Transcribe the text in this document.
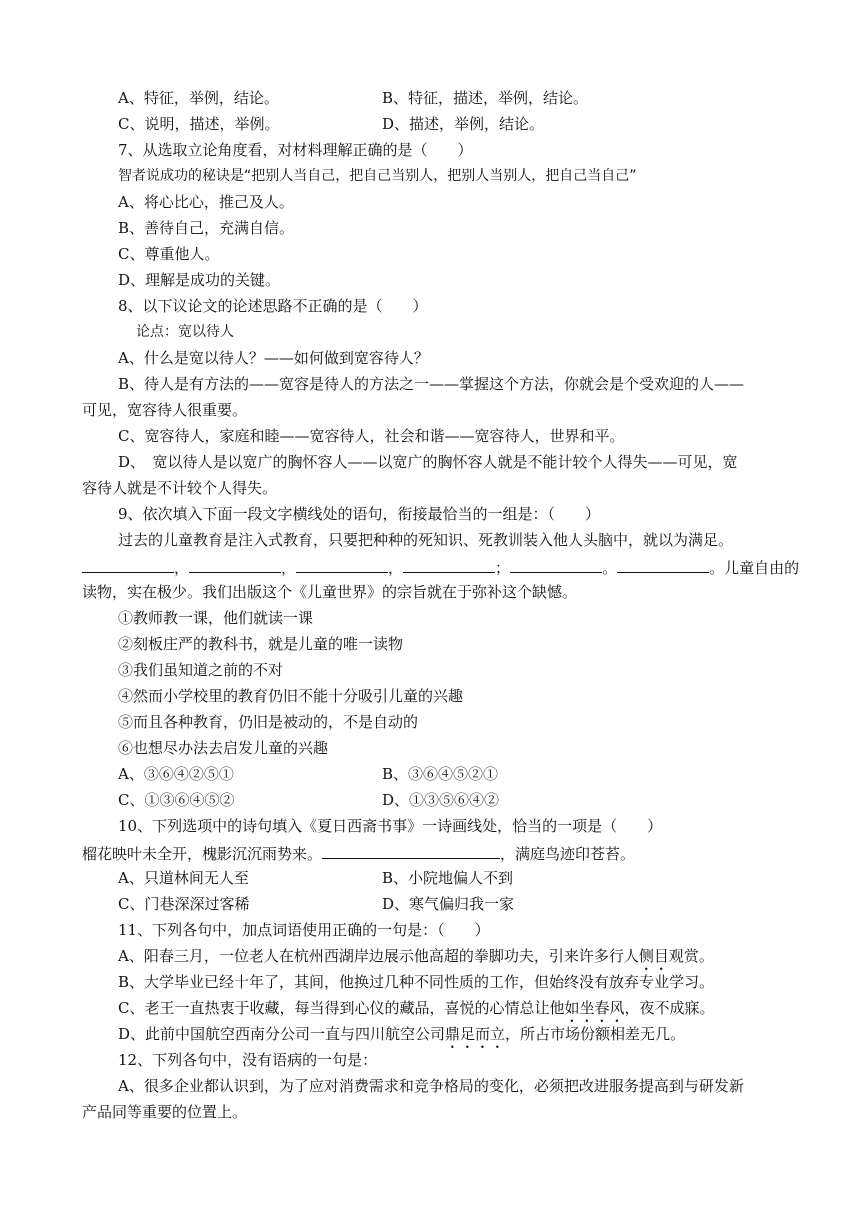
A、特征，举例，结论。	B、特征，描述，举例，结论。
C、说明，描述，举例。	D、描述，举例，结论。
7、从选取立论角度看，对材料理解正确的是（　　）
智者说成功的秘诀是“把别人当自己，把自己当别人，把别人当别人，把自己当自己”
A、将心比心，推己及人。
B、善待自己，充满自信。
C、尊重他人。
D、理解是成功的关键。
8、以下议论文的论述思路不正确的是（　　）
论点：宽以待人
A、什么是宽以待人？——如何做到宽容待人？
B、待人是有方法的——宽容是待人的方法之一——掌握这个方法，你就会是个受欢迎的人——
可见，宽容待人很重要。
C、宽容待人，家庭和睦——宽容待人，社会和谐——宽容待人，世界和平。
D、　宽以待人是以宽广的胸怀容人——以宽广的胸怀容人就是不能计较个人得失——可见，宽
容待人就是不计较个人得失。
9、依次填入下面一段文字横线处的语句，衔接最恰当的一组是：（　　）
过去的儿童教育是注入式教育，只要把种种的死知识、死教训装入他人头脑中，就以为满足。
，	，	，	；	。	。儿童自由的
读物，实在极少。我们出版这个《儿童世界》的宗旨就在于弥补这个缺憾。
①教师教一课，他们就读一课
②刻板庄严的教科书，就是儿童的唯一读物
③我们虽知道之前的不对
④然而小学校里的教育仍旧不能十分吸引儿童的兴趣
⑤而且各种教育，仍旧是被动的，不是自动的
⑥也想尽办法去启发儿童的兴趣
A、③⑥④②⑤①	B、③⑥④⑤②①
C、①③⑥④⑤②	D、①③⑤⑥④②
10、下列选项中的诗句填入《夏日西斋书事》一诗画线处，恰当的一项是（　　）
榴花映叶未全开，槐影沉沉雨势来。	，满庭鸟迹印苍苔。
A、只道林间无人至	B、小院地偏人不到
C、门巷深深过客稀	D、寒气偏归我一家
11、下列各句中，加点词语使用正确的一句是：（　　）
A、阳春三月，一位老人在杭州西湖岸边展示他高超的拳脚功夫，引来许多行人侧目观赏。
B、大学毕业已经十年了，其间，他换过几种不同性质的工作，但始终没有放弃专业学习。
C、老王一直热衷于收藏，每当得到心仪的藏品，喜悦的心情总让他如坐春风，夜不成寐。
D、此前中国航空西南分公司一直与四川航空公司鼎足而立，所占市场份额相差无几。
12、下列各句中，没有语病的一句是：
A、很多企业都认识到，为了应对消费需求和竞争格局的变化，必须把改进服务提高到与研发新
产品同等重要的位置上。
